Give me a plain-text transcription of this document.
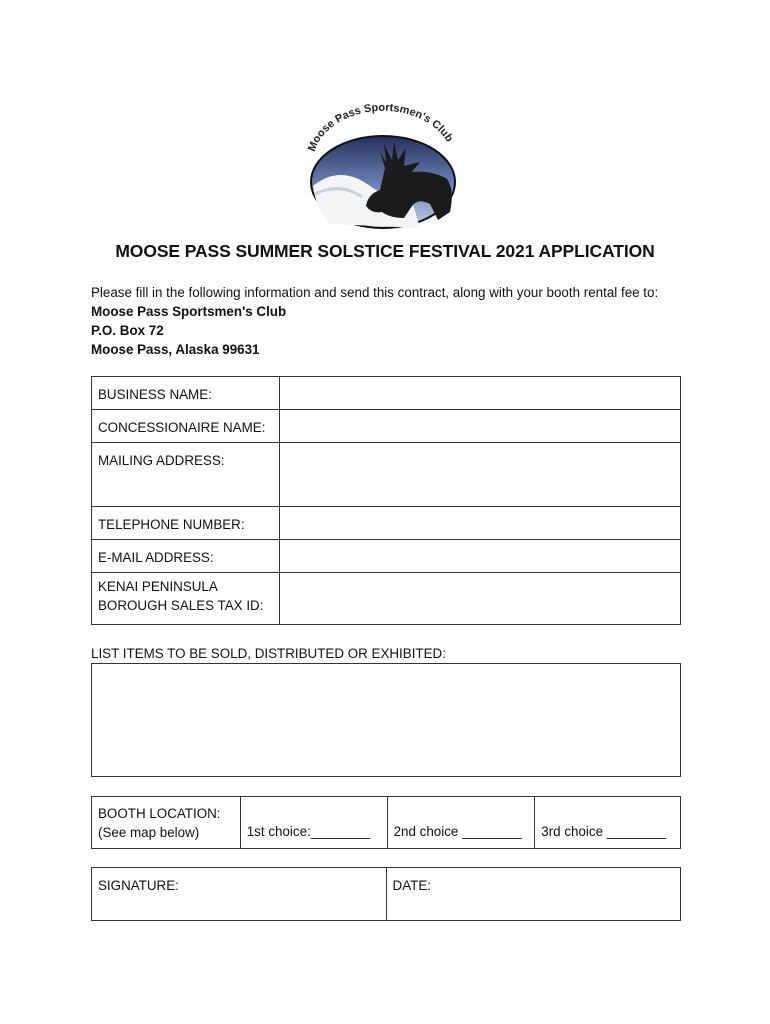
Moose Pass Sportsmen's Club
MOOSE PASS SUMMER SOLSTICE FESTIVAL 2021 APPLICATION
Please fill in the following information and send this contract, along with your booth rental fee to:
Moose Pass Sportsmen's Club
P.O. Box 72
Moose Pass, Alaska 99631
BUSINESS NAME:	

CONCESSIONAIRE NAME:	

MAILING ADDRESS:	

TELEPHONE NUMBER:	

E-MAIL ADDRESS:	

KENAI PENINSULA
BOROUGH SALES TAX ID:	

LIST ITEMS TO BE SOLD, DISTRIBUTED OR EXHIBITED:
BOOTH LOCATION:
(See map below)	1st choice:________	2nd choice ________	3rd choice ________
SIGNATURE:	DATE:
